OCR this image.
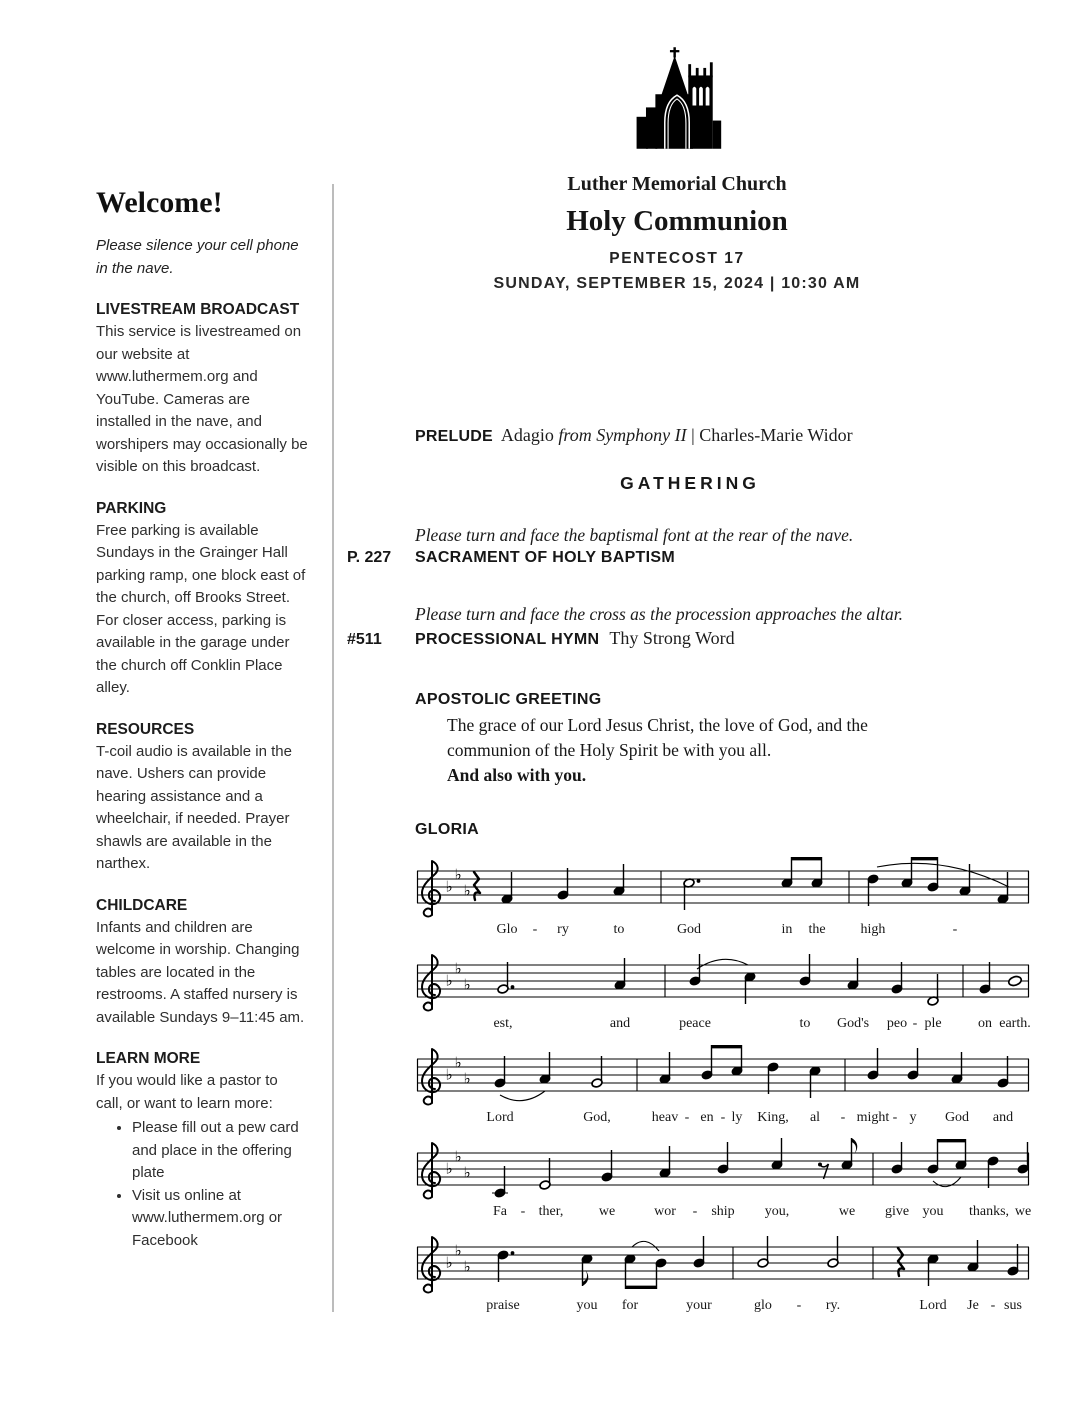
Luther Memorial Church
Holy Communion
PENTECOST 17
SUNDAY, SEPTEMBER 15, 2024 | 10:30 AM
Welcome!
Please silence your cell phone in the nave.
LIVESTREAM BROADCAST
This service is livestreamed on our website at www.luthermem.org and YouTube. Cameras are installed in the nave, and worshipers may occasionally be visible on this broadcast.
PARKING
Free parking is available Sundays in the Grainger Hall parking ramp, one block east of the church, off Brooks Street. For closer access, parking is available in the garage under the church off Conklin Place alley.
RESOURCES
T-coil audio is available in the nave. Ushers can provide hearing assistance and a wheelchair, if needed. Prayer shawls are available in the narthex.
CHILDCARE
Infants and children are welcome in worship. Changing tables are located in the restrooms. A staffed nursery is available Sundays 9–11:45 am.
LEARN MORE
If you would like a pastor to call, or want to learn more:
• Please fill out a pew card and place in the offering plate
• Visit us online at www.luthermem.org or Facebook
PRELUDE Adagio from Symphony II | Charles-Marie Widor
GATHERING
Please turn and face the baptismal font at the rear of the nave.
P. 227	SACRAMENT OF HOLY BAPTISM
Please turn and face the cross as the procession approaches the altar.
#511	PROCESSIONAL HYMN Thy Strong Word
APOSTOLIC GREETING
The grace of our Lord Jesus Christ, the love of God, and the
communion of the Holy Spirit be with you all.
And also with you.
GLORIA
♭
♭
♭
Glo - ry	to	God	in the	high	-
♭
♭
♭
est,	and	peace	to God's peo - ple	on earth.
♭
♭
♭
Lord	God,	heav - en - ly King, al - might - y God and
♭
♭
♭
Fa - ther,	we	wor - ship you,	we give you thanks, we
♭
♭
♭
praise	you for	your	glo - ry.	Lord Je - sus
